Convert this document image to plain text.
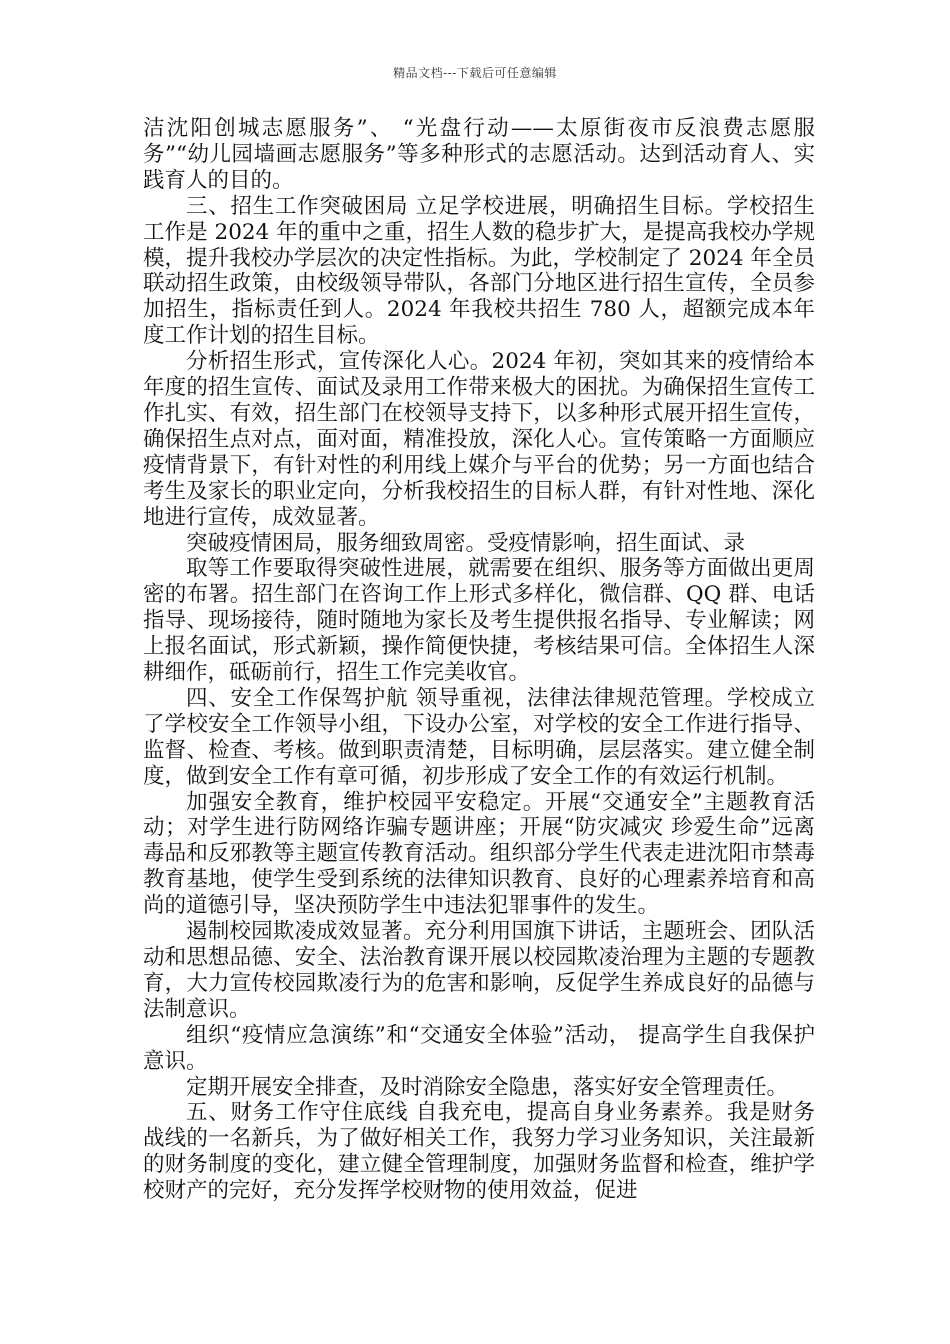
精品文档---下载后可任意编辑

洁沈阳创城志愿服务”、 “光盘行动——太原街夜市反浪费志愿服务”“幼儿园墙画志愿服务”等多种形式的志愿活动。达到活动育人、实践育人的目的。

三、招生工作突破困局 立足学校进展，明确招生目标。学校招生工作是 2024 年的重中之重，招生人数的稳步扩大，是提高我校办学规模，提升我校办学层次的决定性指标。为此，学校制定了 2024 年全员联动招生政策，由校级领导带队，各部门分地区进行招生宣传，全员参加招生，指标责任到人。2024 年我校共招生 780 人，超额完成本年度工作计划的招生目标。

分析招生形式，宣传深化人心。2024 年初，突如其来的疫情给本年度的招生宣传、面试及录用工作带来极大的困扰。为确保招生宣传工作扎实、有效，招生部门在校领导支持下，以多种形式展开招生宣传，确保招生点对点，面对面，精准投放，深化人心。宣传策略一方面顺应疫情背景下，有针对性的利用线上媒介与平台的优势；另一方面也结合考生及家长的职业定向，分析我校招生的目标人群，有针对性地、深化地进行宣传，成效显著。

突破疫情困局，服务细致周密。受疫情影响，招生面试、录

取等工作要取得突破性进展，就需要在组织、服务等方面做出更周密的布署。招生部门在咨询工作上形式多样化，微信群、QQ 群、电话指导、现场接待，随时随地为家长及考生提供报名指导、专业解读；网上报名面试，形式新颖，操作简便快捷，考核结果可信。全体招生人深耕细作，砥砺前行，招生工作完美收官。

四、安全工作保驾护航 领导重视，法律法律规范管理。学校成立了学校安全工作领导小组，下设办公室，对学校的安全工作进行指导、监督、检查、考核。做到职责清楚，目标明确，层层落实。建立健全制度，做到安全工作有章可循，初步形成了安全工作的有效运行机制。

加强安全教育，维护校园平安稳定。开展“交通安全”主题教育活动；对学生进行防网络诈骗专题讲座；开展“防灾减灾 珍爱生命”远离毒品和反邪教等主题宣传教育活动。组织部分学生代表走进沈阳市禁毒教育基地，使学生受到系统的法律知识教育、良好的心理素养培育和高尚的道德引导，坚决预防学生中违法犯罪事件的发生。

遏制校园欺凌成效显著。充分利用国旗下讲话，主题班会、团队活动和思想品德、安全、法治教育课开展以校园欺凌治理为主题的专题教育，大力宣传校园欺凌行为的危害和影响，反促学生养成良好的品德与法制意识。

组织“疫情应急演练”和“交通安全体验”活动， 提高学生自我保护意识。

定期开展安全排查，及时消除安全隐患，落实好安全管理责任。

五、财务工作守住底线 自我充电，提高自身业务素养。我是财务战线的一名新兵，为了做好相关工作，我努力学习业务知识，关注最新的财务制度的变化，建立健全管理制度，加强财务监督和检查，维护学校财产的完好，充分发挥学校财物的使用效益，促进
